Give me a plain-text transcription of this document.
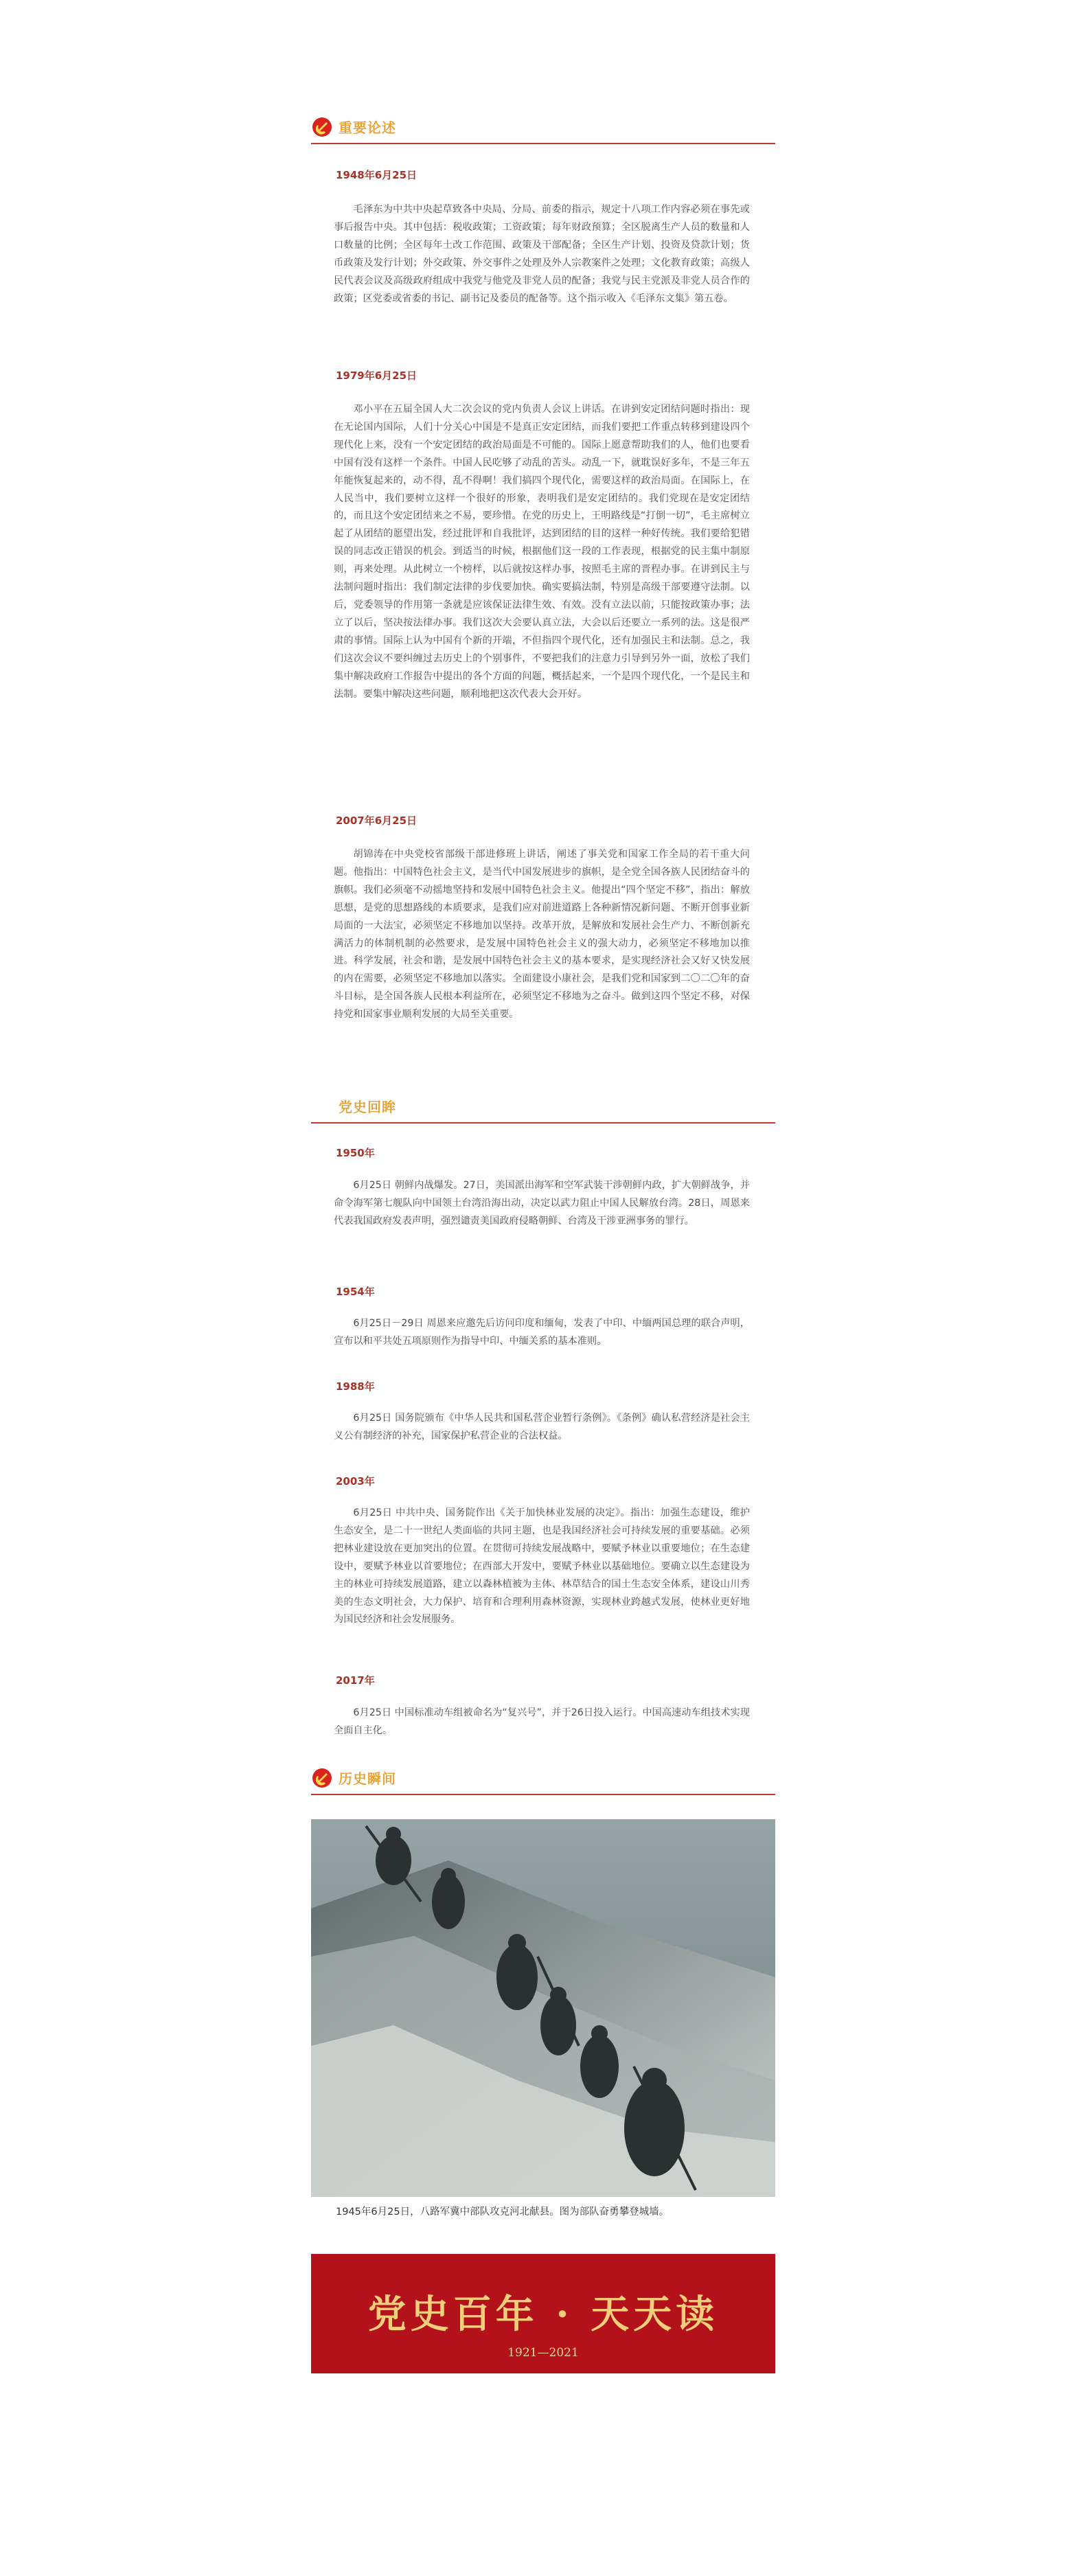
重要论述
1948年6月25日

毛泽东为中共中央起草致各中央局、分局、前委的指示，规定十八项工作内容必须在事先或事后报告中央。其中包括：税收政策；工资政策；每年财政预算；全区脱离生产人员的数量和人口数量的比例；全区每年土改工作范围、政策及干部配备；全区生产计划、投资及贷款计划；货币政策及发行计划；外交政策、外交事件之处理及外人宗教案件之处理；文化教育政策；高级人民代表会议及高级政府组成中我党与他党及非党人员的配备；我党与民主党派及非党人员合作的政策；区党委或省委的书记、副书记及委员的配备等。这个指示收入《毛泽东文集》第五卷。

1979年6月25日

邓小平在五届全国人大二次会议的党内负责人会议上讲话。在讲到安定团结问题时指出：现在无论国内国际，人们十分关心中国是不是真正安定团结，而我们要把工作重点转移到建设四个现代化上来，没有一个安定团结的政治局面是不可能的。国际上愿意帮助我们的人，他们也要看中国有没有这样一个条件。中国人民吃够了动乱的苦头。动乱一下，就耽误好多年，不是三年五年能恢复起来的，动不得，乱不得啊！我们搞四个现代化，需要这样的政治局面。在国际上，在人民当中，我们要树立这样一个很好的形象，表明我们是安定团结的。我们党现在是安定团结的，而且这个安定团结来之不易，要珍惜。在党的历史上，王明路线是“打倒一切”，毛主席树立起了从团结的愿望出发，经过批评和自我批评，达到团结的目的这样一种好传统。我们要给犯错误的同志改正错误的机会。到适当的时候，根据他们这一段的工作表现，根据党的民主集中制原则，再来处理。从此树立一个榜样，以后就按这样办事，按照毛主席的晋程办事。在讲到民主与法制问题时指出：我们制定法律的步伐要加快。确实要搞法制，特别是高级干部要遵守法制。以后，党委领导的作用第一条就是应该保证法律生效、有效。没有立法以前，只能按政策办事；法立了以后，坚决按法律办事。我们这次大会要认真立法，大会以后还要立一系列的法。这是很严肃的事情。国际上认为中国有个新的开端，不但指四个现代化，还有加强民主和法制。总之，我们这次会议不要纠缠过去历史上的个别事件，不要把我们的注意力引导到另外一面，放松了我们集中解决政府工作报告中提出的各个方面的问题，概括起来，一个是四个现代化，一个是民主和法制。要集中解决这些问题，顺利地把这次代表大会开好。

2007年6月25日

胡锦涛在中央党校省部级干部进修班上讲话，阐述了事关党和国家工作全局的若干重大问题。他指出：中国特色社会主义，是当代中国发展进步的旗帜，是全党全国各族人民团结奋斗的旗帜。我们必须毫不动摇地坚持和发展中国特色社会主义。他提出“四个坚定不移”，指出：解放思想，是党的思想路线的本质要求，是我们应对前进道路上各种新情况新问题、不断开创事业新局面的一大法宝，必须坚定不移地加以坚持。改革开放，是解放和发展社会生产力、不断创新充满活力的体制机制的必然要求，是发展中国特色社会主义的强大动力，必须坚定不移地加以推进。科学发展，社会和谐，是发展中国特色社会主义的基本要求，是实现经济社会又好又快发展的内在需要，必须坚定不移地加以落实。全面建设小康社会，是我们党和国家到二〇二〇年的奋斗目标，是全国各族人民根本利益所在，必须坚定不移地为之奋斗。做到这四个坚定不移，对保持党和国家事业顺利发展的大局至关重要。

党史回眸
1950年

6月25日 朝鲜内战爆发。27日，美国派出海军和空军武装干涉朝鲜内政，扩大朝鲜战争，并命令海军第七舰队向中国领土台湾沿海出动，决定以武力阻止中国人民解放台湾。28日，周恩来代表我国政府发表声明，强烈谴责美国政府侵略朝鲜、台湾及干涉亚洲事务的罪行。

1954年

6月25日－29日 周恩来应邀先后访问印度和缅甸，发表了中印、中缅两国总理的联合声明，宣布以和平共处五项原则作为指导中印、中缅关系的基本准则。

1988年

6月25日 国务院颁布《中华人民共和国私营企业暂行条例》。《条例》确认私营经济是社会主义公有制经济的补充，国家保护私营企业的合法权益。

2003年

6月25日 中共中央、国务院作出《关于加快林业发展的决定》。指出：加强生态建设，维护生态安全，是二十一世纪人类面临的共同主题，也是我国经济社会可持续发展的重要基础。必须把林业建设放在更加突出的位置。在贯彻可持续发展战略中，要赋予林业以重要地位；在生态建设中，要赋予林业以首要地位；在西部大开发中，要赋予林业以基础地位。要确立以生态建设为主的林业可持续发展道路，建立以森林植被为主体、林草结合的国土生态安全体系，建设山川秀美的生态文明社会，大力保护、培育和合理利用森林资源，实现林业跨越式发展，使林业更好地为国民经济和社会发展服务。

2017年

6月25日 中国标准动车组被命名为“复兴号”，并于26日投入运行。中国高速动车组技术实现全面自主化。

历史瞬间
1945年6月25日，八路军冀中部队攻克河北献县。图为部队奋勇攀登城墙。
党史百年 · 天天读
1921—2021
